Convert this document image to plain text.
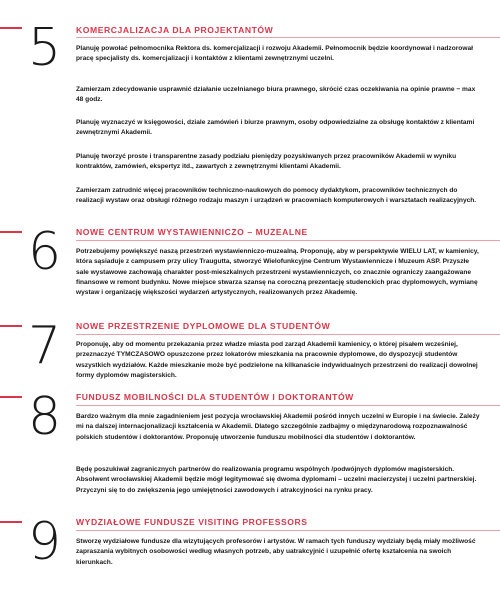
5 KOMERCJALIZACJA DLA PROJEKTANTÓW

Planuję powołać pełnomocnika Rektora ds. komercjalizacji i rozwoju Akademii. Pełnomocnik będzie koordynował i nadzorował pracę specjalisty ds. komercjalizacji i kontaktów z klientami zewnętrznymi uczelni.

Zamierzam zdecydowanie usprawnić działanie uczelnianego biura prawnego, skrócić czas oczekiwania na opinie prawne − max 48 godz.

Planuję wyznaczyć w księgowości, dziale zamówień i biurze prawnym, osoby odpowiedzialne za obsługę kontaktów z klientami zewnętrznymi Akademii.

Planuję tworzyć proste i transparentne zasady podziału pieniędzy pozyskiwanych przez pracowników Akademii w wyniku kontraktów, zamówień, ekspertyz itd., zawartych z zewnętrznymi klientami Akademii.

Zamierzam zatrudnić więcej pracowników techniczno-naukowych do pomocy dydaktykom, pracowników technicznych do realizacji wystaw oraz obsługi różnego rodzaju maszyn i urządzeń w pracowniach komputerowych i warsztatach realizacyjnych.

6 NOWE CENTRUM WYSTAWIENNICZO – MUZEALNE

Potrzebujemy powiększyć naszą przestrzeń wystawienniczo-muzealną. Proponuję, aby w perspektywie WIELU LAT, w kamienicy, która sąsiaduje z campusem przy ulicy Traugutta, stworzyć Wielofunkcyjne Centrum Wystawiennicze i Muzeum ASP. Przyszłe sale wystawowe zachowają charakter post-mieszkalnych przestrzeni wystawienniczych, co znacznie ograniczy zaangażowane finansowe w remont budynku. Nowe miejsce stwarza szansę na coroczną prezentację studenckich prac dyplomowych, wymianę wystaw i organizację większości wydarzeń artystycznych, realizowanych przez Akademię.

7 NOWE PRZESTRZENIE DYPLOMOWE DLA STUDENTÓW

Proponuję, aby od momentu przekazania przez władze miasta pod zarząd Akademii kamienicy, o której pisałem wcześniej, przeznaczyć TYMCZASOWO opuszczone przez lokatorów mieszkania na pracownie dyplomowe, do dyspozycji studentów wszystkich wydziałów. Każde mieszkanie może być podzielone na kilkanaście indywidualnych przestrzeni do realizacji dowolnej formy dyplomów magisterskich.

8 FUNDUSZ MOBILNOŚCI DLA STUDENTÓW I DOKTORANTÓW

Bardzo ważnym dla mnie zagadnieniem jest pozycja wrocławskiej Akademii pośród innych uczelni w Europie i na świecie. Zależy mi na dalszej internacjonalizacji kształcenia w Akademii. Dlatego szczególnie zadbajmy o międzynarodową rozpoznawalność polskich studentów i doktorantów. Proponuję utworzenie funduszu mobilności dla studentów i doktorantów.

Będę poszukiwał zagranicznych partnerów do realizowania programu wspólnych /podwójnych dyplomów magisterskich. Absolwent wrocławskiej Akademii będzie mógł legitymować się dwoma dyplomami – uczelni macierzystej i uczelni partnerskiej. Przyczyni się to do zwiększenia jego umiejętności zawodowych i atrakcyjności na rynku pracy.

9 WYDZIAŁOWE FUNDUSZE VISITING PROFESSORS

Stworzę wydziałowe fundusze dla wizytujących profesorów i artystów. W ramach tych funduszy wydziały będą miały możliwość zapraszania wybitnych osobowości według własnych potrzeb, aby uatrakcyjnić i uzupełnić ofertę kształcenia na swoich kierunkach.
